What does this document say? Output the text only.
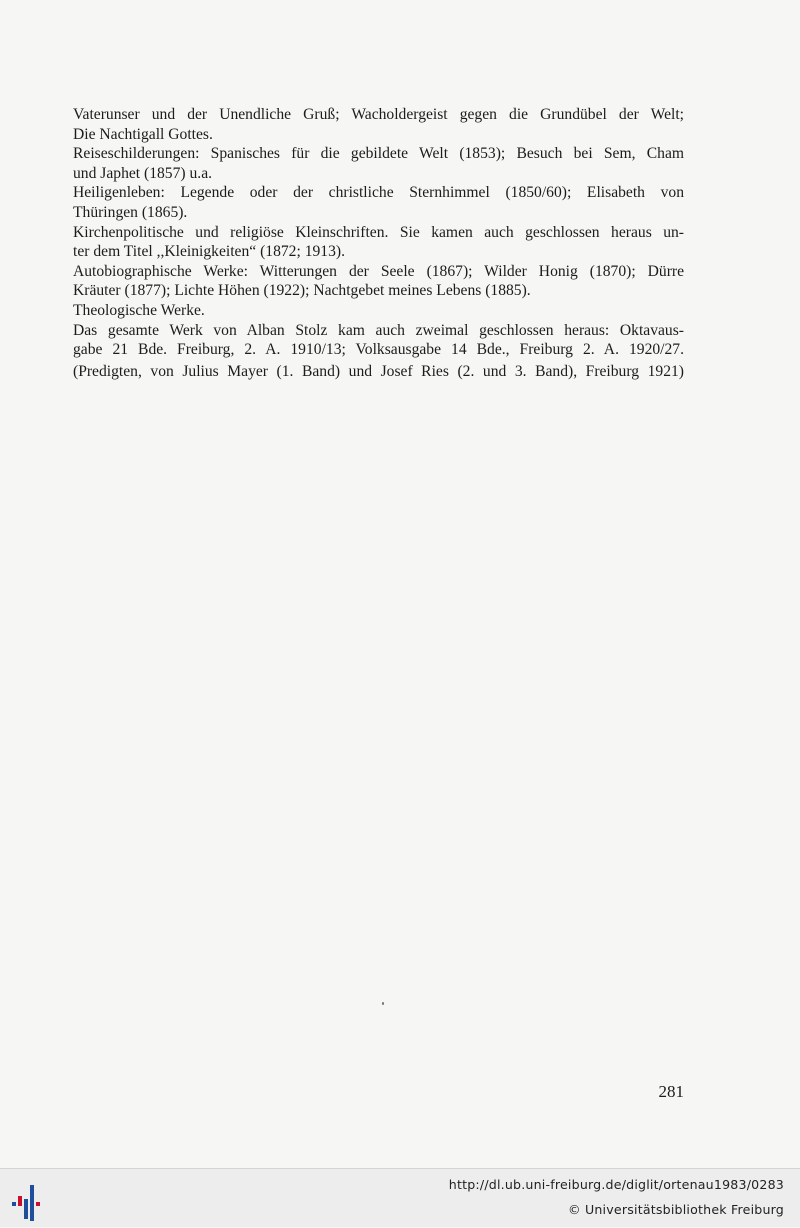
Vaterunser und der Unendliche Gruß; Wacholdergeist gegen die Grundübel der Welt;
Die Nachtigall Gottes.
Reiseschilderungen: Spanisches für die gebildete Welt (1853); Besuch bei Sem, Cham
und Japhet (1857) u.a.
Heiligenleben: Legende oder der christliche Sternhimmel (1850/60); Elisabeth von
Thüringen (1865).
Kirchenpolitische und religiöse Kleinschriften. Sie kamen auch geschlossen heraus un-
ter dem Titel ,,Kleinigkeiten“ (1872; 1913).
Autobiographische Werke: Witterungen der Seele (1867); Wilder Honig (1870); Dürre
Kräuter (1877); Lichte Höhen (1922); Nachtgebet meines Lebens (1885).
Theologische Werke.
Das gesamte Werk von Alban Stolz kam auch zweimal geschlossen heraus: Oktavaus-
gabe 21 Bde. Freiburg, 2. A. 1910/13; Volksausgabe 14 Bde., Freiburg 2. A. 1920/27.
(Predigten, von Julius Mayer (1. Band) und Josef Ries (2. und 3. Band), Freiburg 1921)
281
http://dl.ub.uni-freiburg.de/diglit/ortenau1983/0283
© Universitätsbibliothek Freiburg
